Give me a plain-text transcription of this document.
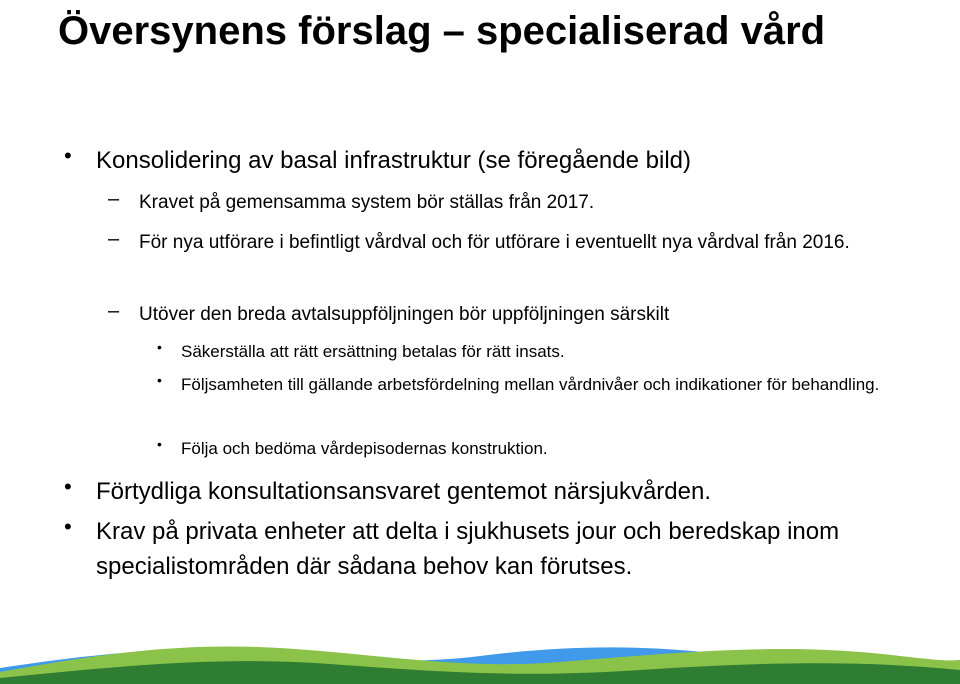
Översynens förslag – specialiserad vård
• Konsolidering av basal infrastruktur (se föregående bild)
– Kravet på gemensamma system bör ställas från 2017.
– För nya utförare i befintligt vårdval och för utförare i eventuellt nya vårdval från 2016.
– Utöver den breda avtalsuppföljningen bör uppföljningen särskilt
• Säkerställa att rätt ersättning betalas för rätt insats.
• Följsamheten till gällande arbetsfördelning mellan vårdnivåer och indikationer för behandling.
• Följa och bedöma vårdepisodernas konstruktion.
• Förtydliga konsultationsansvaret gentemot närsjukvården.
• Krav på privata enheter att delta i sjukhusets jour och beredskap inom specialistområden där sådana behov kan förutses.
